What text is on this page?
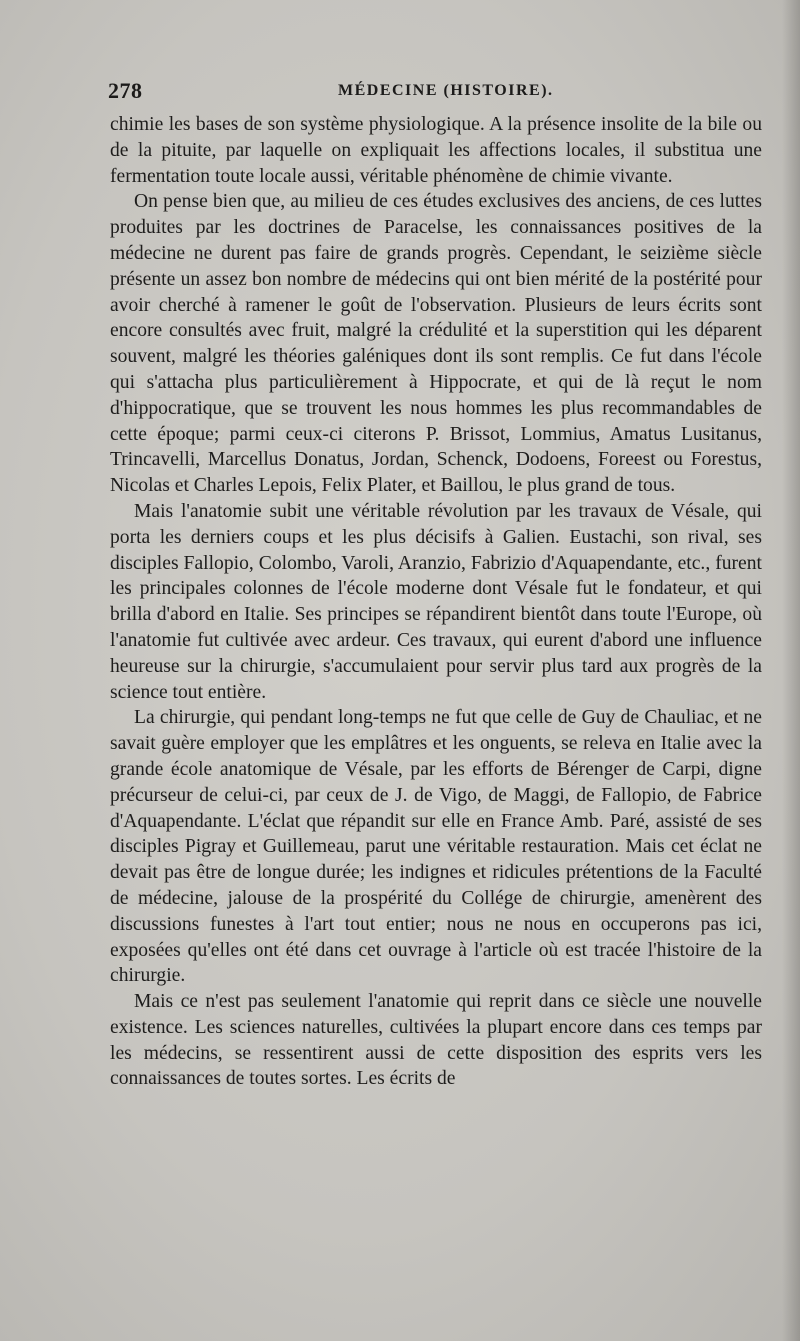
278	MÉDECINE (HISTOIRE).

chimie les bases de son système physiologique. A la présence insolite de la bile ou de la pituite, par laquelle on expliquait les affections locales, il substitua une fermentation toute locale aussi, véritable phénomène de chimie vivante.

On pense bien que, au milieu de ces études exclusives des anciens, de ces luttes produites par les doctrines de Paracelse, les connaissances positives de la médecine ne durent pas faire de grands progrès. Cependant, le seizième siècle présente un assez bon nombre de médecins qui ont bien mérité de la postérité pour avoir cherché à ramener le goût de l'observation. Plusieurs de leurs écrits sont encore consultés avec fruit, malgré la crédulité et la superstition qui les déparent souvent, malgré les théories galéniques dont ils sont remplis. Ce fut dans l'école qui s'attacha plus particulièrement à Hippocrate, et qui de là reçut le nom d'hippocratique, que se trouvent les nous hommes les plus recommandables de cette époque; parmi ceux-ci citerons P. Brissot, Lommius, Amatus Lusitanus, Trincavelli, Marcellus Donatus, Jordan, Schenck, Dodoens, Foreest ou Forestus, Nicolas et Charles Lepois, Felix Plater, et Baillou, le plus grand de tous.

Mais l'anatomie subit une véritable révolution par les travaux de Vésale, qui porta les derniers coups et les plus décisifs à Galien. Eustachi, son rival, ses disciples Fallopio, Colombo, Varoli, Aranzio, Fabrizio d'Aquapendante, etc., furent les principales colonnes de l'école moderne dont Vésale fut le fondateur, et qui brilla d'abord en Italie. Ses principes se répandirent bientôt dans toute l'Europe, où l'anatomie fut cultivée avec ardeur. Ces travaux, qui eurent d'abord une influence heureuse sur la chirurgie, s'accumulaient pour servir plus tard aux progrès de la science tout entière.

La chirurgie, qui pendant long-temps ne fut que celle de Guy de Chauliac, et ne savait guère employer que les emplâtres et les onguents, se releva en Italie avec la grande école anatomique de Vésale, par les efforts de Bérenger de Carpi, digne précurseur de celui-ci, par ceux de J. de Vigo, de Maggi, de Fallopio, de Fabrice d'Aquapendante. L'éclat que répandit sur elle en France Amb. Paré, assisté de ses disciples Pigray et Guillemeau, parut une véritable restauration. Mais cet éclat ne devait pas être de longue durée; les indignes et ridicules prétentions de la Faculté de médecine, jalouse de la prospérité du Collége de chirurgie, amenèrent des discussions funestes à l'art tout entier; nous ne nous en occuperons pas ici, exposées qu'elles ont été dans cet ouvrage à l'article où est tracée l'histoire de la chirurgie.

Mais ce n'est pas seulement l'anatomie qui reprit dans ce siècle une nouvelle existence. Les sciences naturelles, cultivées la plupart encore dans ces temps par les médecins, se ressentirent aussi de cette disposition des esprits vers les connaissances de toutes sortes. Les écrits de
